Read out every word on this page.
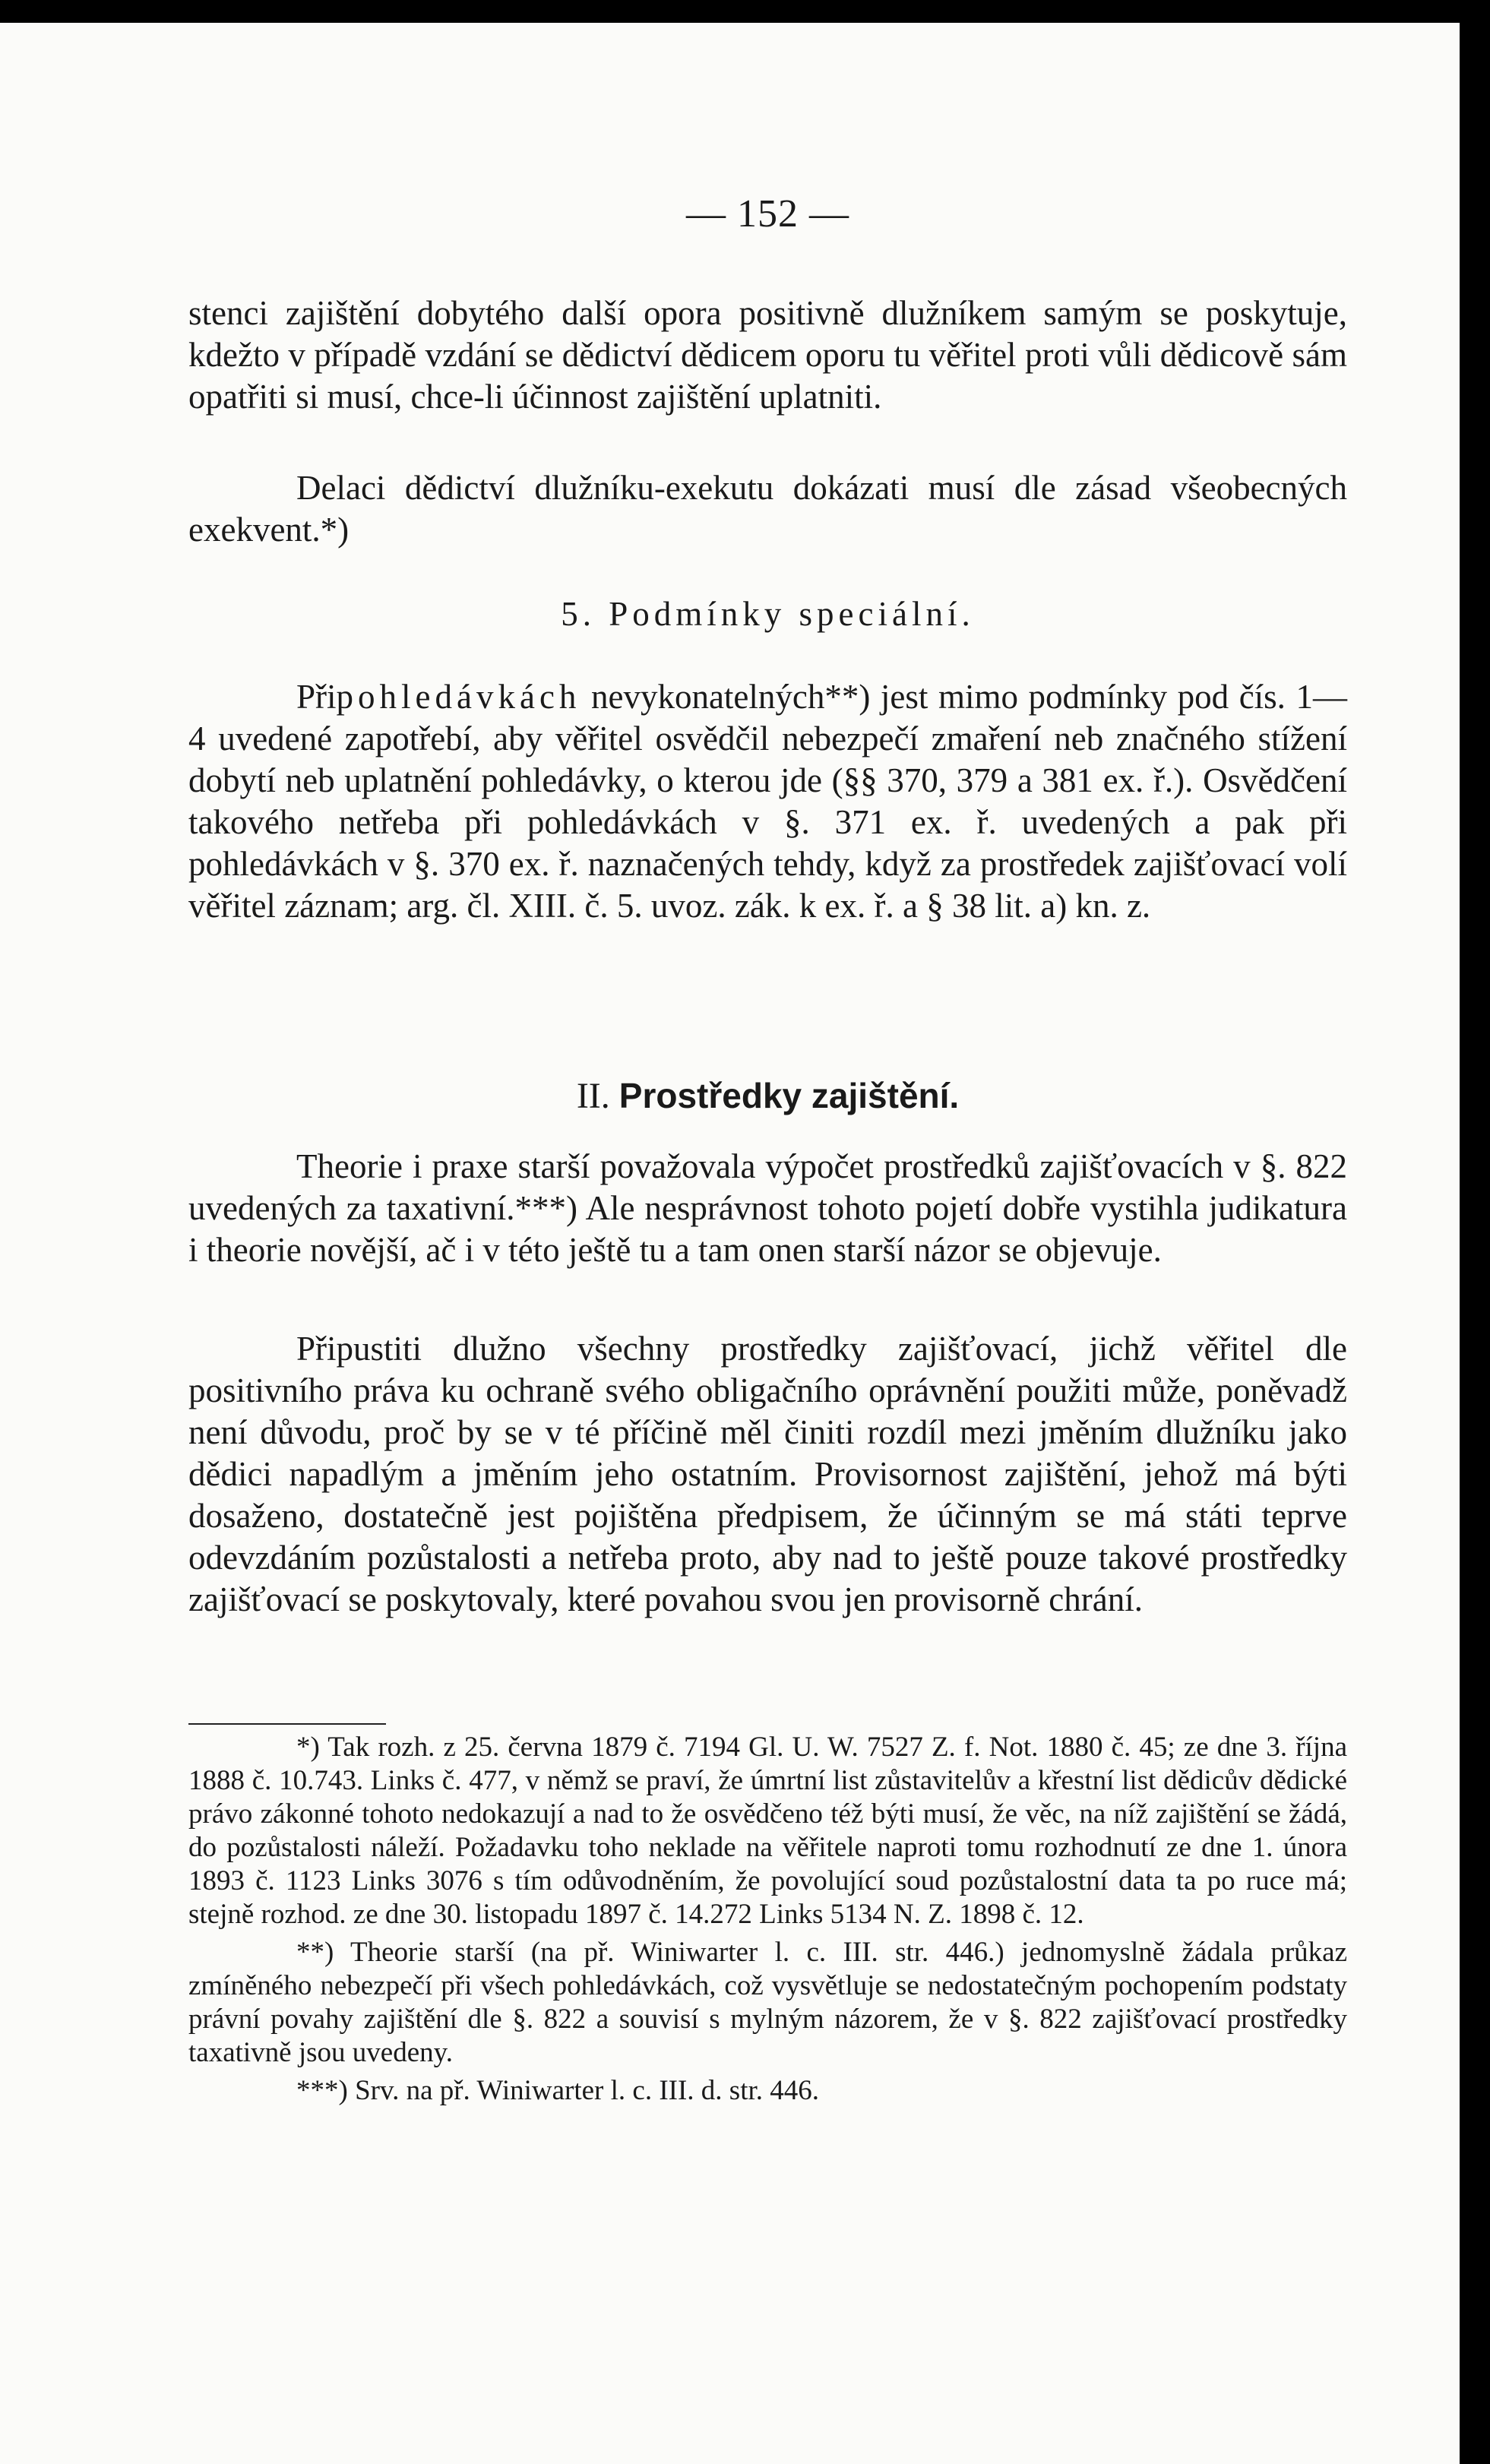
— 152 —

stenci zajištění dobytého další opora positivně dlužníkem samým se poskytuje, kdežto v případě vzdání se dědictví dědicem oporu tu věřitel proti vůli dědicově sám opatřiti si musí, chce-li účinnost zajištění uplatniti.

Delaci dědictví dlužníku-exekutu dokázati musí dle zásad všeobecných exekvent.*)

5. Podmínky speciální.

Připohledávkách nevykonatelných**) jest mimo podmínky pod čís. 1—4 uvedené zapotřebí, aby věřitel osvědčil nebezpečí zmaření neb značného stížení dobytí neb uplatnění pohledávky, o kterou jde (§§ 370, 379 a 381 ex. ř.). Osvědčení takového netřeba při pohledávkách v §. 371 ex. ř. uvedených a pak při pohledávkách v §. 370 ex. ř. naznačených tehdy, když za prostředek zajišťovací volí věřitel záznam; arg. čl. XIII. č. 5. uvoz. zák. k ex. ř. a § 38 lit. a) kn. z.

II. Prostředky zajištění.

Theorie i praxe starší považovala výpočet prostředků zajišťovacích v §. 822 uvedených za taxativní.***) Ale nesprávnost tohoto pojetí dobře vystihla judikatura i theorie novější, ač i v této ještě tu a tam onen starší názor se objevuje.

Připustiti dlužno všechny prostředky zajišťovací, jichž věřitel dle positivního práva ku ochraně svého obligačního oprávnění použiti může, poněvadž není důvodu, proč by se v té příčině měl činiti rozdíl mezi jměním dlužníku jako dědici napadlým a jměním jeho ostatním. Provisornost zajištění, jehož má býti dosaženo, dostatečně jest pojištěna předpisem, že účinným se má státi teprve odevzdáním pozůstalosti a netřeba proto, aby nad to ještě pouze takové prostředky zajišťovací se poskytovaly, které povahou svou jen provisorně chrání.

*) Tak rozh. z 25. června 1879 č. 7194 Gl. U. W. 7527 Z. f. Not. 1880 č. 45; ze dne 3. října 1888 č. 10.743. Links č. 477, v němž se praví, že úmrtní list zůstavitelův a křestní list dědicův dědické právo zákonné tohoto nedokazují a nad to že osvědčeno též býti musí, že věc, na níž zajištění se žádá, do pozůstalosti náleží. Požadavku toho neklade na věřitele naproti tomu rozhodnutí ze dne 1. února 1893 č. 1123 Links 3076 s tím odůvodněním, že povolující soud pozůstalostní data ta po ruce má; stejně rozhod. ze dne 30. listopadu 1897 č. 14.272 Links 5134 N. Z. 1898 č. 12.

**) Theorie starší (na př. Winiwarter l. c. III. str. 446.) jednomyslně žádala průkaz zmíněného nebezpečí při všech pohledávkách, což vysvětluje se nedostatečným pochopením podstaty právní povahy zajištění dle §. 822 a souvisí s mylným názorem, že v §. 822 zajišťovací prostředky taxativně jsou uvedeny.

***) Srv. na př. Winiwarter l. c. III. d. str. 446.
